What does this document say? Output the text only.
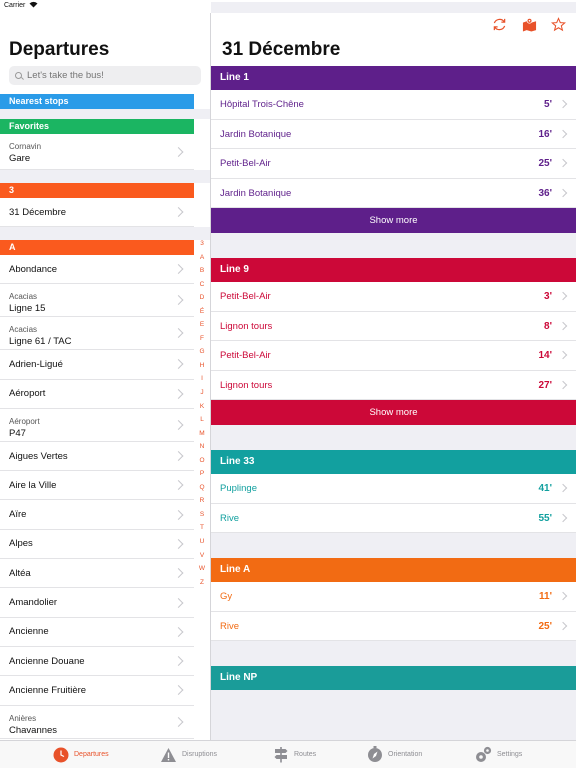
Carrier
Departures
Let's take the bus!
Nearest stops
Favorites
Cornavin
Gare
3
31 Décembre
A
Abondance
Acacias
Ligne 15
Acacias
Ligne 61 / TAC
Adrien-Ligué
Aéroport
Aéroport
P47
Aigues Vertes
Aire la Ville
Aïre
Alpes
Altéa
Amandolier
Ancienne
Ancienne Douane
Ancienne Fruitière
Anières
Chavannes
3
A
B
C
D
É
E
F
G
H
I
J
K
L
M
N
O
P
Q
R
S
T
U
V
W
Z
31 Décembre
Line 1
Hôpital Trois-Chêne	5'
Jardin Botanique	16'
Petit-Bel-Air	25'
Jardin Botanique	36'
Show more
Line 9
Petit-Bel-Air	3'
Lignon tours	8'
Petit-Bel-Air	14'
Lignon tours	27'
Show more
Line 33
Puplinge	41'
Rive	55'
Line A
Gy	11'
Rive	25'
Line NP
Departures	Disruptions	Routes	Orientation	Settings
